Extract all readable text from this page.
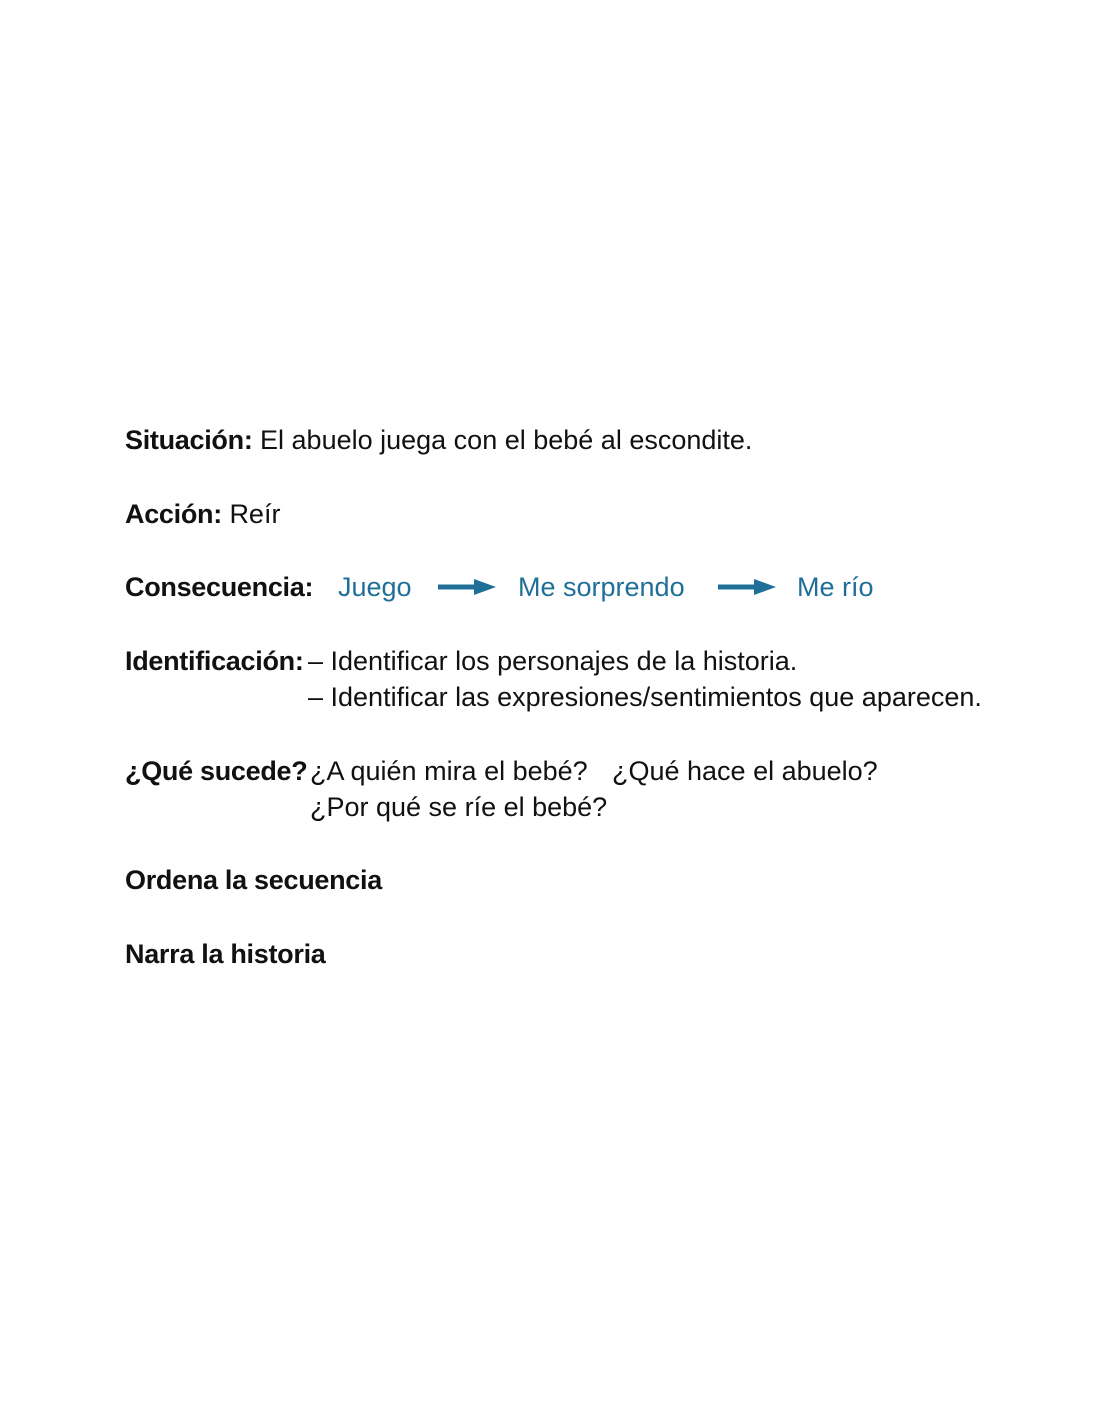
Situación: El abuelo juega con el bebé al escondite.
Acción: Reír
Consecuencia: Juego	Me sorprendo	Me río
Identificación: – Identificar los personajes de la historia.
– Identificar las expresiones/sentimientos que aparecen.
¿Qué sucede? ¿A quién mira el bebé? ¿Qué hace el abuelo?
¿Por qué se ríe el bebé?
Ordena la secuencia
Narra la historia
